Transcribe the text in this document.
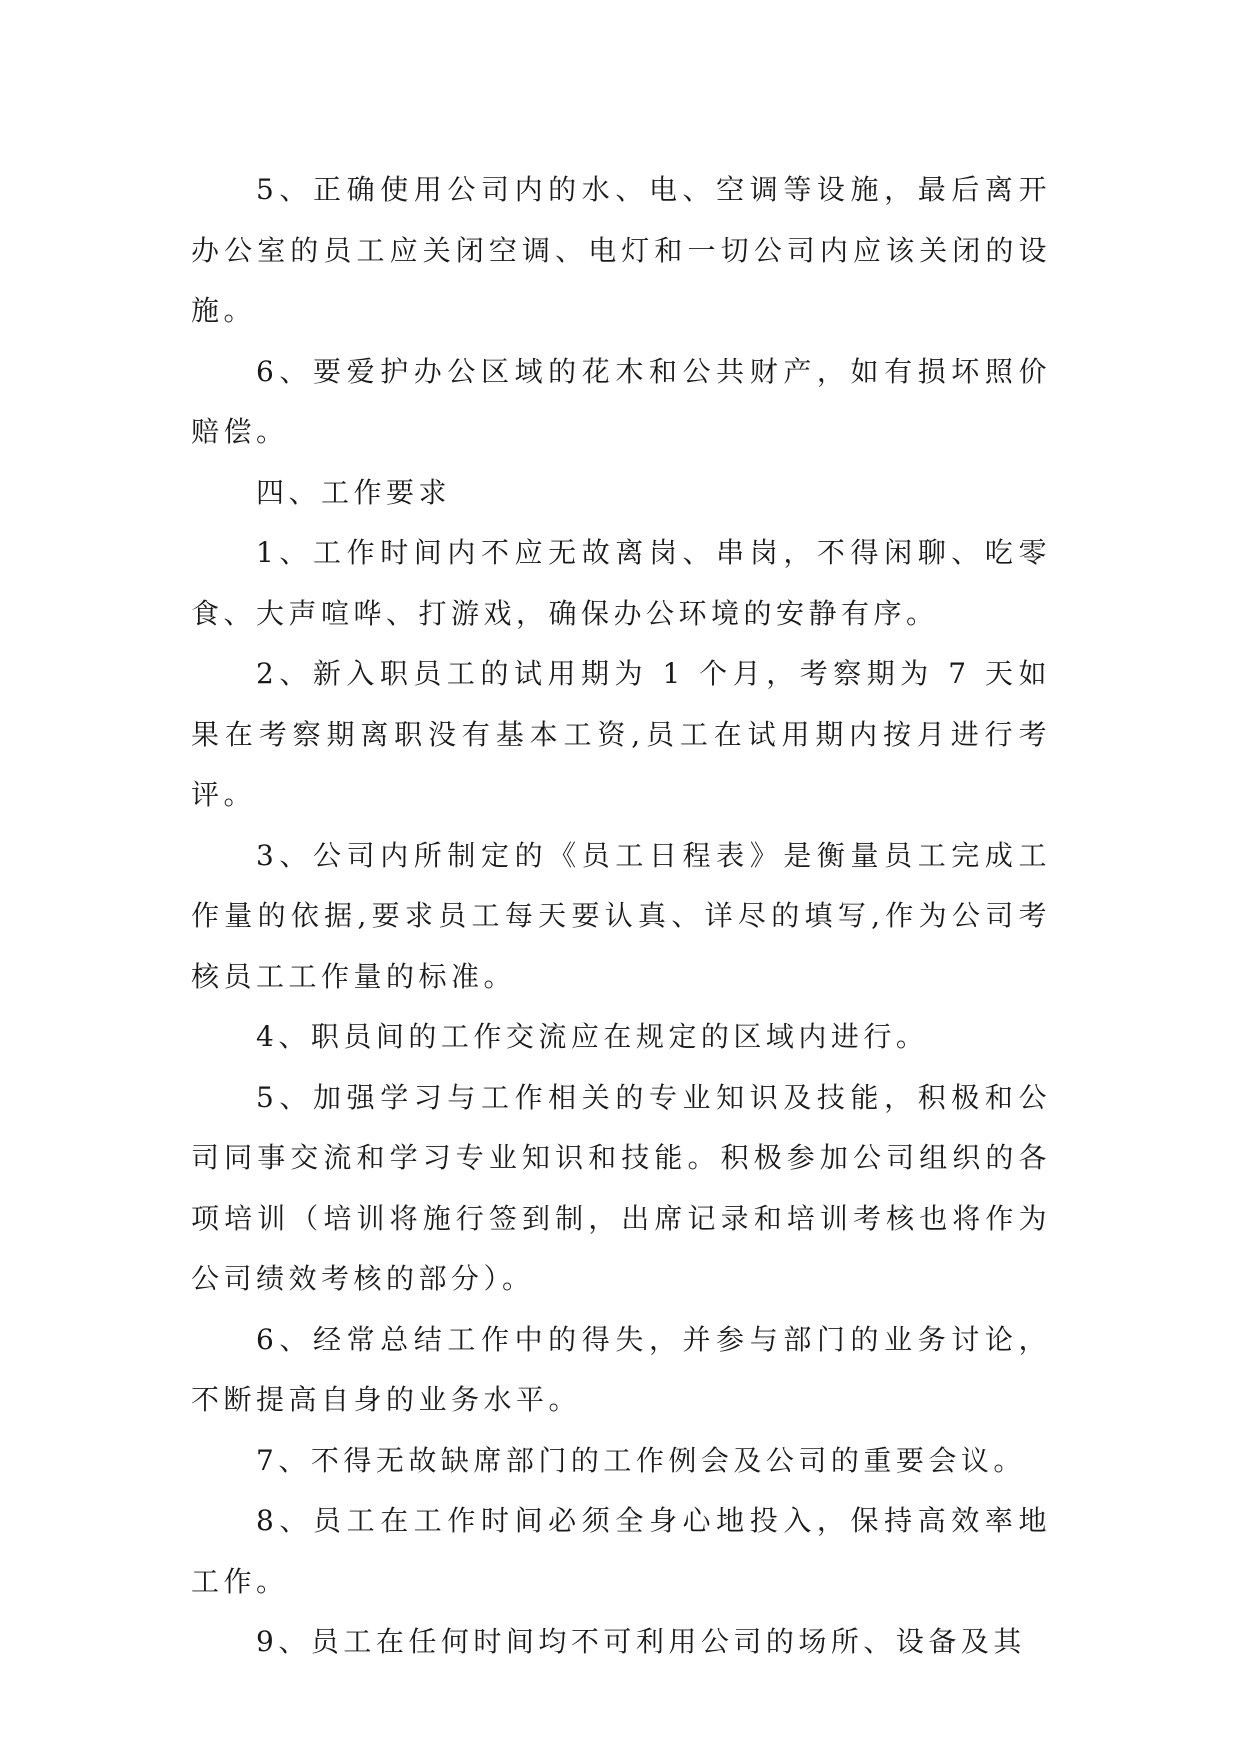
5、正确使用公司内的水、电、空调等设施，最后离开办公室的员工应关闭空调、电灯和一切公司内应该关闭的设施。

6、要爱护办公区域的花木和公共财产，如有损坏照价赔偿。

四、工作要求

1、工作时间内不应无故离岗、串岗，不得闲聊、吃零食、大声喧哗、打游戏，确保办公环境的安静有序。

2、新入职员工的试用期为 1 个月，考察期为 7 天如果在考察期离职没有基本工资,员工在试用期内按月进行考评。

3、公司内所制定的《员工日程表》是衡量员工完成工作量的依据,要求员工每天要认真、详尽的填写,作为公司考核员工工作量的标准。

4、职员间的工作交流应在规定的区域内进行。

5、加强学习与工作相关的专业知识及技能，积极和公司同事交流和学习专业知识和技能。积极参加公司组织的各项培训（培训将施行签到制，出席记录和培训考核也将作为公司绩效考核的部分）。

6、经常总结工作中的得失，并参与部门的业务讨论，不断提高自身的业务水平。

7、不得无故缺席部门的工作例会及公司的重要会议。

8、员工在工作时间必须全身心地投入，保持高效率地工作。

9、员工在任何时间均不可利用公司的场所、设备及其
